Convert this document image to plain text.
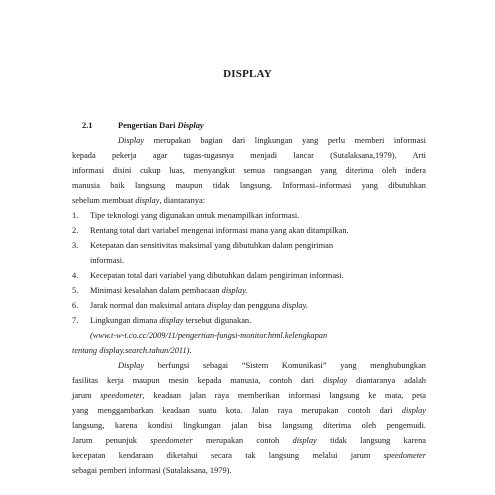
DISPLAY
2.1	Pengertian Dari Display
Display merupakan bagian dari lingkungan yang perlu memberi informasi
kepada pekerja agar tugas-tugasnya menjadi lancar (Sutalaksana,1979). Arti
informasi disini cukup luas, menyangkut semua rangsangan yang diterima oleh indera
manusia baik langsung maupun tidak langsung. Informasi–informasi yang dibutuhkan
sebelum membuat display, diantaranya:
1. Tipe teknologi yang digunakan untuk menampilkan informasi.
2. Rentang total dari variabel mengenai informasi mana yang akan ditampilkan.
3. Ketepatan dan sensitivitas maksimal yang dibutuhkan dalam pengiriman
informasi.
4. Kecepatan total dari variabel yang dibutuhkan dalam pengiriman informasi.
5. Minimasi kesalahan dalam pembacaan display.
6. Jarak normal dan maksimal antara display dan pengguna display.
7. Lingkungan dimana display tersebut digunakan.
(www.t-w-t.co.cc/2009/11/pengertian-fungsi-monitor.html.kelengkapan
tentang display.search.tahun/2011).
Display berfungsi sebagai “Sistem Komunikasi” yang menghubungkan
fasilitas kerja maupun mesin kepada manusia, contoh dari display diantaranya adalah
jarum speedometer, keadaan jalan raya memberikan informasi langsung ke mata, peta
yang menggambarkan keadaan suatu kota. Jalan raya merupakan contoh dari display
langsung, karena kondisi lingkungan jalan bisa langsung diterima oleh pengemudi.
Jarum penunjuk speedometer merupakan contoh display tidak langsung karena
kecepatan kendaraan diketahui secara tak langsung melalui jarum speedometer
sebagai pemberi informasi (Sutalaksana, 1979).
